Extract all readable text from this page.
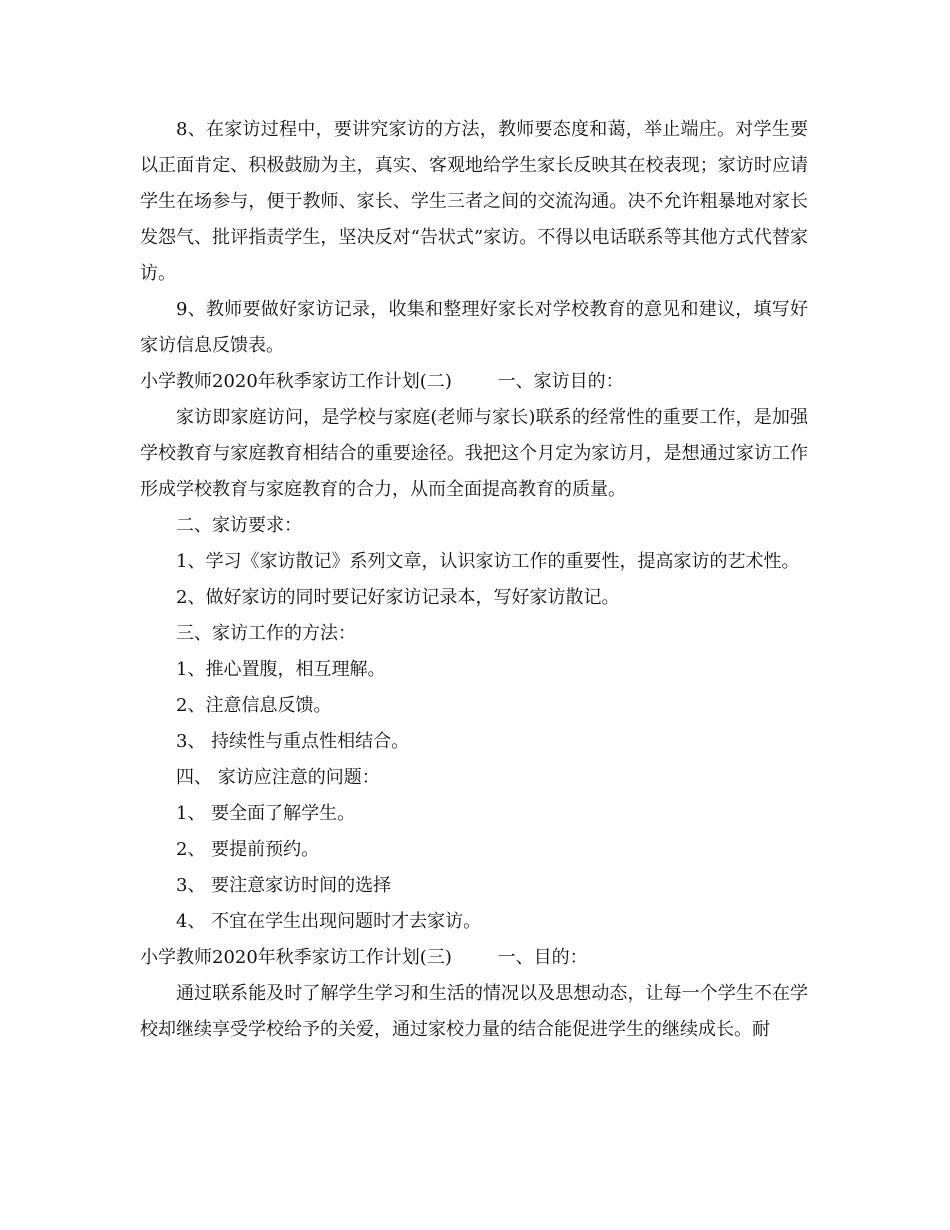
8、在家访过程中，要讲究家访的方法，教师要态度和蔼，举止端庄。对学生要以正面肯定、积极鼓励为主，真实、客观地给学生家长反映其在校表现；家访时应请学生在场参与，便于教师、家长、学生三者之间的交流沟通。决不允许粗暴地对家长发怨气、批评指责学生，坚决反对“告状式”家访。不得以电话联系等其他方式代替家访。

9、教师要做好家访记录，收集和整理好家长对学校教育的意见和建议，填写好家访信息反馈表。

小学教师2020年秋季家访工作计划(二)        一、家访目的：

家访即家庭访问，是学校与家庭(老师与家长)联系的经常性的重要工作，是加强学校教育与家庭教育相结合的重要途径。我把这个月定为家访月，是想通过家访工作形成学校教育与家庭教育的合力，从而全面提高教育的质量。

二、家访要求：

1、学习《家访散记》系列文章，认识家访工作的重要性，提高家访的艺术性。

2、做好家访的同时要记好家访记录本，写好家访散记。

三、家访工作的方法：

1、推心置腹，相互理解。

2、注意信息反馈。

3、 持续性与重点性相结合。

四、 家访应注意的问题：

1、 要全面了解学生。

2、 要提前预约。

3、 要注意家访时间的选择

4、 不宜在学生出现问题时才去家访。

小学教师2020年秋季家访工作计划(三)        一、目的：

通过联系能及时了解学生学习和生活的情况以及思想动态，让每一个学生不在学校却继续享受学校给予的关爱，通过家校力量的结合能促进学生的继续成长。耐
